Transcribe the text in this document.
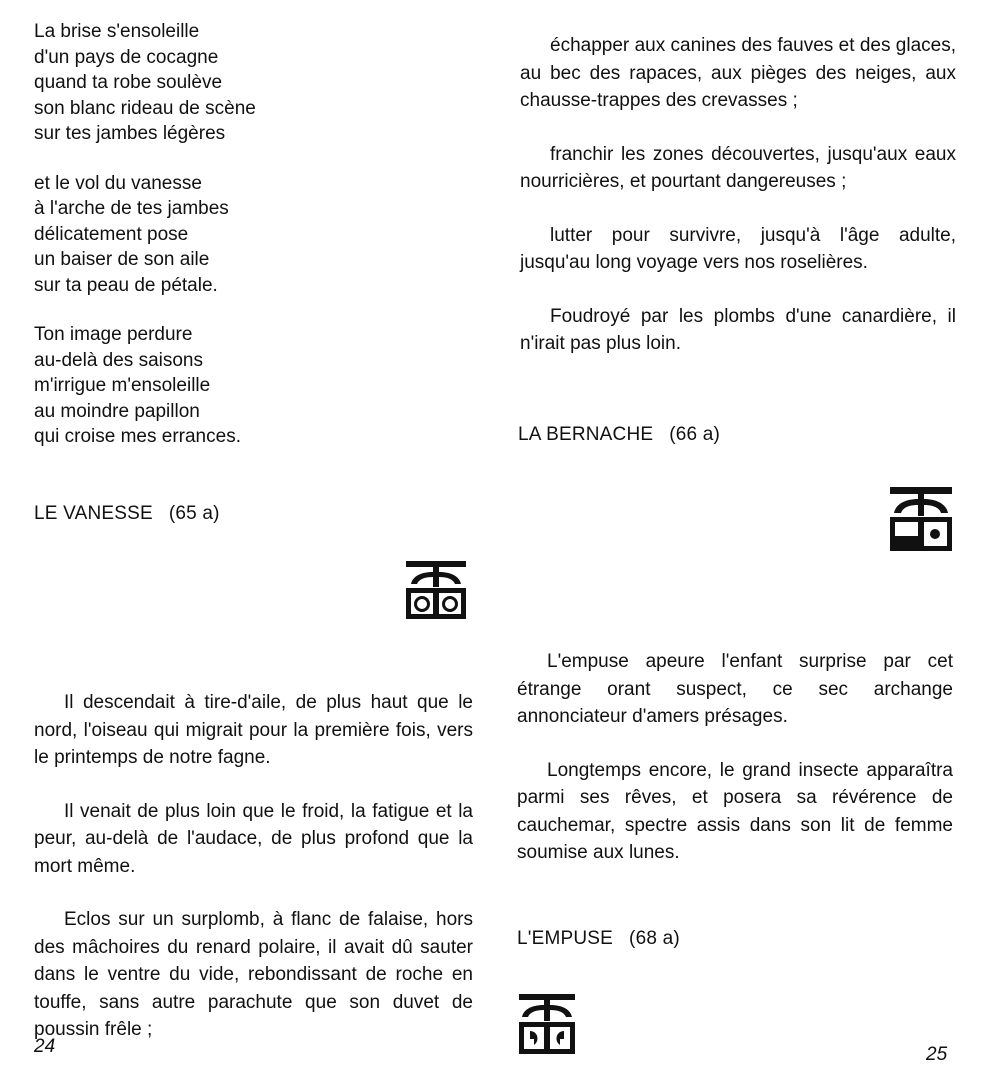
La brise s'ensoleille
d'un pays de cocagne
quand ta robe soulève
son blanc rideau de scène
sur tes jambes légères
et le vol du vanesse
à l'arche de tes jambes
délicatement pose
un baiser de son aile
sur ta peau de pétale.
Ton image perdure
au-delà des saisons
m'irrigue m'ensoleille
au moindre papillon
qui croise mes errances.
LE VANESSE (65 a)

Il descendait à tire-d'aile, de plus haut que le nord, l'oiseau qui migrait pour la première fois, vers le printemps de notre fagne.

Il venait de plus loin que le froid, la fatigue et la peur, au-delà de l'audace, de plus profond que la mort même.

Eclos sur un surplomb, à flanc de falaise, hors des mâchoires du renard polaire, il avait dû sauter dans le ventre du vide, rebondissant de roche en touffe, sans autre parachute que son duvet de poussin frêle ;

24

échapper aux canines des fauves et des glaces, au bec des rapaces, aux pièges des neiges, aux chausse-trappes des crevasses ;

franchir les zones découvertes, jusqu'aux eaux nourricières, et pourtant dangereuses ;

lutter pour survivre, jusqu'à l'âge adulte, jusqu'au long voyage vers nos roselières.

Foudroyé par les plombs d'une canardière, il n'irait pas plus loin.

LA BERNACHE (66 a)

L'empuse apeure l'enfant surprise par cet étrange orant suspect, ce sec archange annonciateur d'amers présages.

Longtemps encore, le grand insecte apparaîtra parmi ses rêves, et posera sa révérence de cauchemar, spectre assis dans son lit de femme soumise aux lunes.

L'EMPUSE (68 a)
25
